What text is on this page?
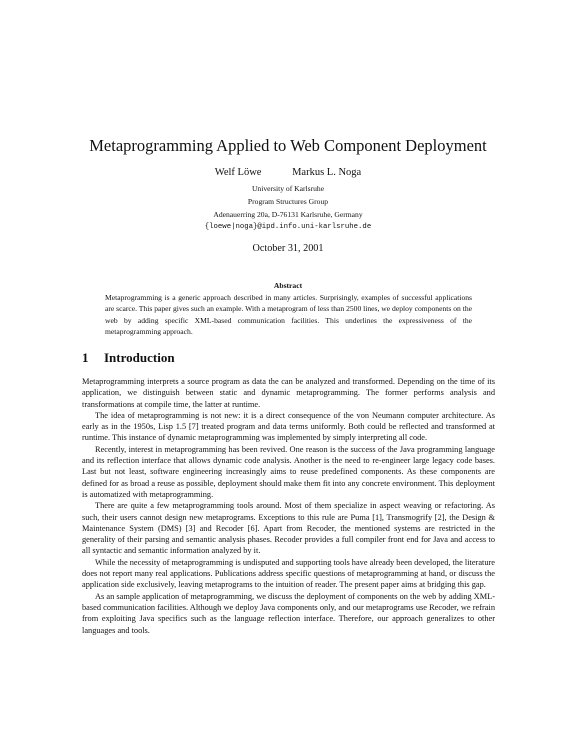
Metaprogramming Applied to Web Component Deployment
Welf Löwe	Markus L. Noga
University of Karlsruhe
Program Structures Group
Adenauerring 20a, D-76131 Karlsruhe, Germany
{loewe|noga}@ipd.info.uni-karlsruhe.de
October 31, 2001
Abstract
Metaprogramming is a generic approach described in many articles. Surprisingly, examples of successful applications are scarce. This paper gives such an example. With a metaprogram of less than 2500 lines, we deploy components on the web by adding specific XML-based communication facilities. This underlines the expressiveness of the metaprogramming approach.
1 Introduction

Metaprogramming interprets a source program as data the can be analyzed and transformed. Depending on the time of its application, we distinguish between static and dynamic metaprogramming. The former performs analysis and transformations at compile time, the latter at runtime.

The idea of metaprogramming is not new: it is a direct consequence of the von Neumann computer architecture. As early as in the 1950s, Lisp 1.5 [7] treated program and data terms uniformly. Both could be reflected and transformed at runtime. This instance of dynamic metaprogramming was implemented by simply interpreting all code.

Recently, interest in metaprogramming has been revived. One reason is the success of the Java programming language and its reflection interface that allows dynamic code analysis. Another is the need to re-engineer large legacy code bases. Last but not least, software engineering increasingly aims to reuse predefined components. As these components are defined for as broad a reuse as possible, deployment should make them fit into any concrete environment. This deployment is automatized with metaprogramming.

There are quite a few metaprogramming tools around. Most of them specialize in aspect weaving or refactoring. As such, their users cannot design new metaprograms. Exceptions to this rule are Puma [1], Transmogrify [2], the Design & Maintenance System (DMS) [3] and Recoder [6]. Apart from Recoder, the mentioned systems are restricted in the generality of their parsing and semantic analysis phases. Recoder provides a full compiler front end for Java and access to all syntactic and semantic information analyzed by it.

While the necessity of metaprogramming is undisputed and supporting tools have already been developed, the literature does not report many real applications. Publications address specific questions of metaprogramming at hand, or discuss the application side exclusively, leaving metaprograms to the intuition of reader. The present paper aims at bridging this gap.

As an sample application of metaprogramming, we discuss the deployment of components on the web by adding XML-based communication facilities. Although we deploy Java components only, and our metaprograms use Recoder, we refrain from exploiting Java specifics such as the language reflection interface. Therefore, our approach generalizes to other languages and tools.
